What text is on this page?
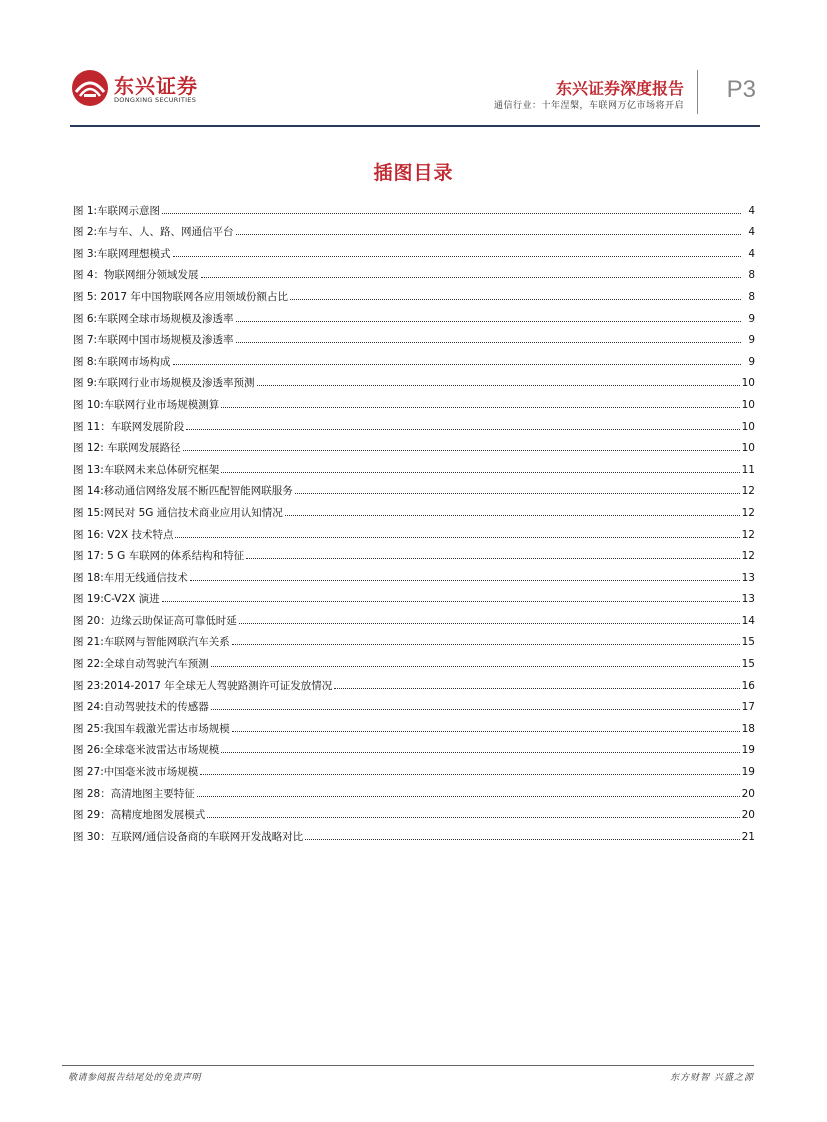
东兴证券
DONGXING SECURITIES
东兴证券深度报告
通信行业：十年涅槃，车联网万亿市场将开启
P3
插图目录
图 1:车联网示意图	4
图 2:车与车、人、路、网通信平台	4
图 3:车联网理想模式	4
图 4：物联网细分领域发展	8
图 5: 2017 年中国物联网各应用领域份额占比	8
图 6:车联网全球市场规模及渗透率	9
图 7:车联网中国市场规模及渗透率	9
图 8:车联网市场构成	9
图 9:车联网行业市场规模及渗透率预测	10
图 10:车联网行业市场规模测算	10
图 11：车联网发展阶段	10
图 12: 车联网发展路径	10
图 13:车联网未来总体研究框架	11
图 14:移动通信网络发展不断匹配智能网联服务	12
图 15:网民对 5G 通信技术商业应用认知情况	12
图 16: V2X 技术特点	12
图 17: 5 G 车联网的体系结构和特征	12
图 18:车用无线通信技术	13
图 19:C-V2X 演进	13
图 20：边缘云助保证高可靠低时延	14
图 21:车联网与智能网联汽车关系	15
图 22:全球自动驾驶汽车预测	15
图 23:2014-2017 年全球无人驾驶路测许可证发放情况	16
图 24:自动驾驶技术的传感器	17
图 25:我国车载激光雷达市场规模	18
图 26:全球毫米波雷达市场规模	19
图 27:中国毫米波市场规模	19
图 28：高清地图主要特征	20
图 29：高精度地图发展模式	20
图 30：互联网/通信设备商的车联网开发战略对比	21
敬请参阅报告结尾处的免责声明	东方财智 兴盛之源
